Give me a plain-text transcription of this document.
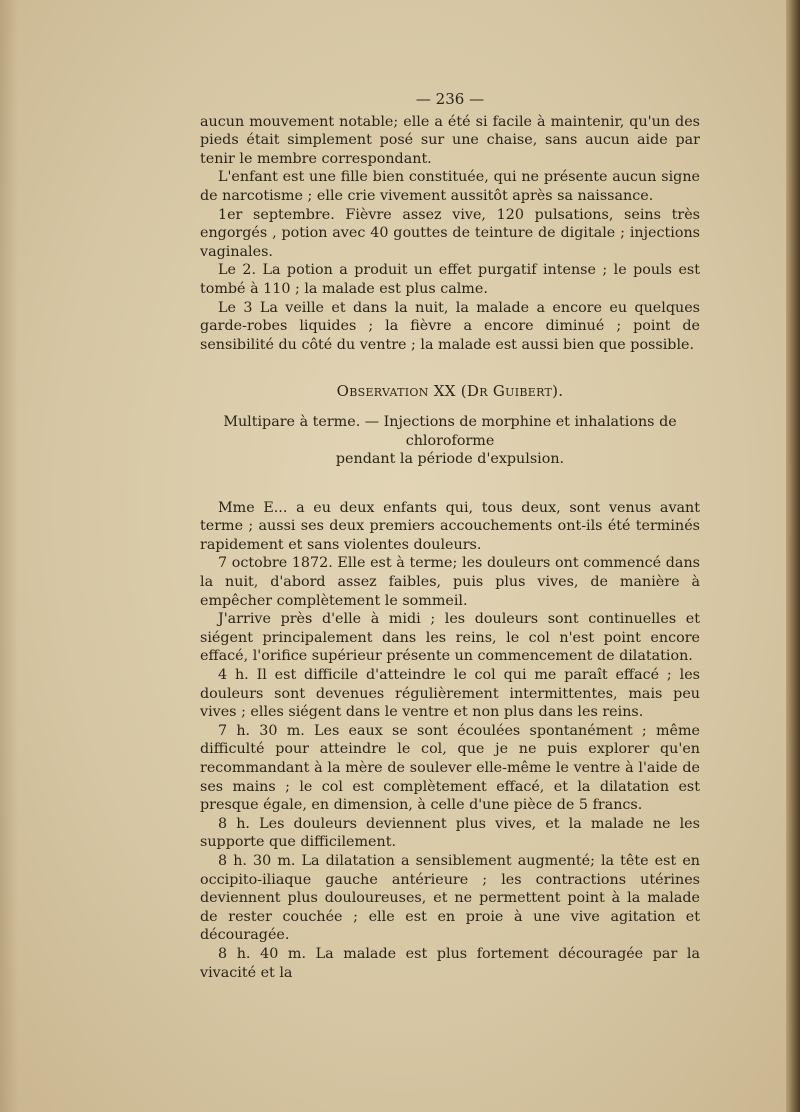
— 236 —

aucun mouvement notable; elle a été si facile à maintenir, qu'un des pieds était simplement posé sur une chaise, sans aucun aide par tenir le membre correspondant.

L'enfant est une fille bien constituée, qui ne présente aucun signe de narcotisme ; elle crie vivement aussitôt après sa naissance.

1er septembre. Fièvre assez vive, 120 pulsations, seins très engorgés , potion avec 40 gouttes de teinture de digitale ; injections vaginales.

Le 2. La potion a produit un effet purgatif intense ; le pouls est tombé à 110 ; la malade est plus calme.

Le 3 La veille et dans la nuit, la malade a encore eu quelques garde-robes liquides ; la fièvre a encore diminué ; point de sensibilité du côté du ventre ; la malade est aussi bien que possible.

Observation XX (Dr Guibert).
Multipare à terme. — Injections de morphine et inhalations de chloroforme
pendant la période d'expulsion.

Mme E... a eu deux enfants qui, tous deux, sont venus avant terme ; aussi ses deux premiers accouchements ont-ils été terminés rapidement et sans violentes douleurs.

7 octobre 1872. Elle est à terme; les douleurs ont commencé dans la nuit, d'abord assez faibles, puis plus vives, de manière à empêcher complètement le sommeil.

J'arrive près d'elle à midi ; les douleurs sont continuelles et siégent principalement dans les reins, le col n'est point encore effacé, l'orifice supérieur présente un commencement de dilatation.

4 h. Il est difficile d'atteindre le col qui me paraît effacé ; les douleurs sont devenues régulièrement intermittentes, mais peu vives ; elles siégent dans le ventre et non plus dans les reins.

7 h. 30 m. Les eaux se sont écoulées spontanément ; même difficulté pour atteindre le col, que je ne puis explorer qu'en recommandant à la mère de soulever elle-même le ventre à l'aide de ses mains ; le col est complètement effacé, et la dilatation est presque égale, en dimension, à celle d'une pièce de 5 francs.

8 h. Les douleurs deviennent plus vives, et la malade ne les supporte que difficilement.

8 h. 30 m. La dilatation a sensiblement augmenté; la tête est en occipito-iliaque gauche antérieure ; les contractions utérines deviennent plus douloureuses, et ne permettent point à la malade de rester couchée ; elle est en proie à une vive agitation et découragée.

8 h. 40 m. La malade est plus fortement découragée par la vivacité et la
